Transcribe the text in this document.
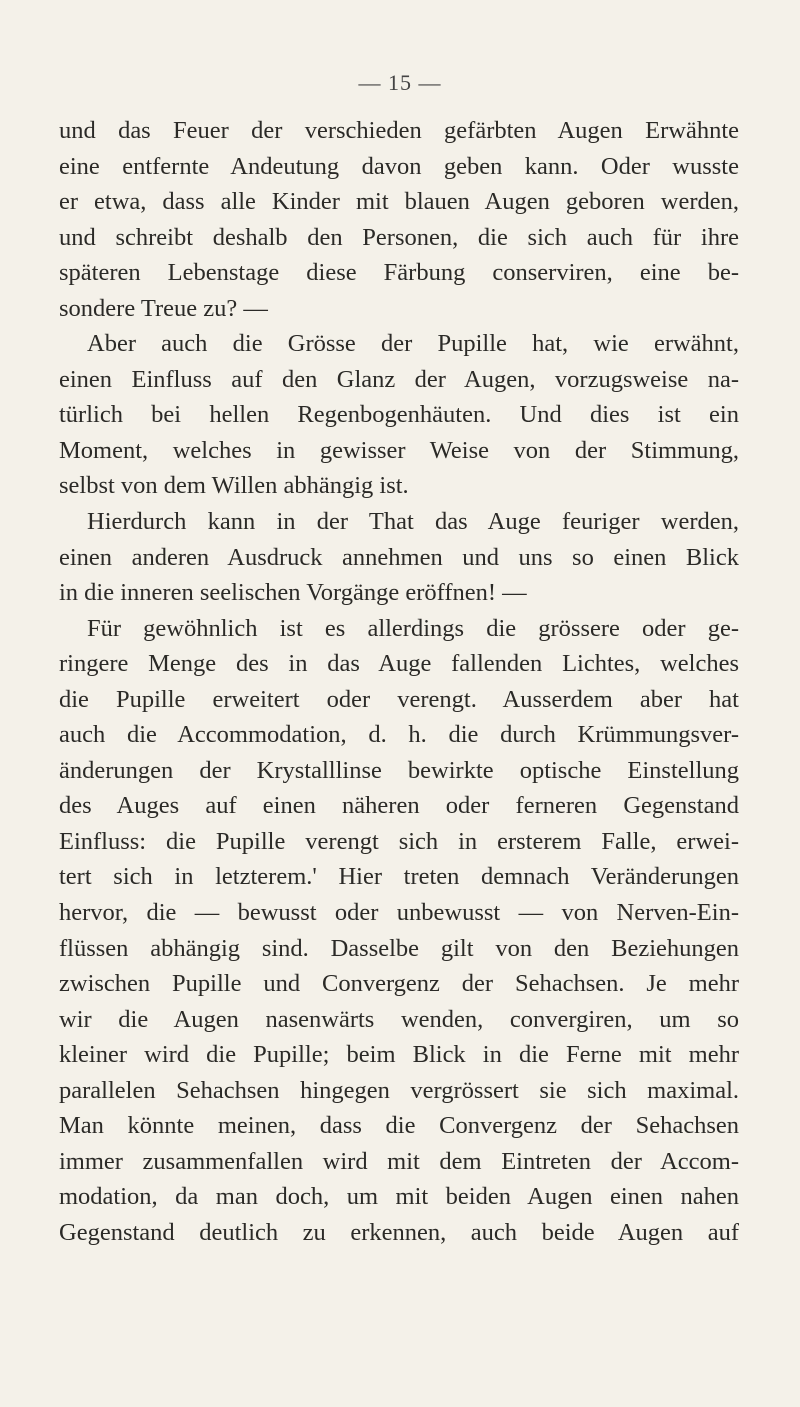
— 15 —
und das Feuer der verschieden gefärbten Augen Erwähnte
eine entfernte Andeutung davon geben kann. Oder wusste
er etwa, dass alle Kinder mit blauen Augen geboren werden,
und schreibt deshalb den Personen, die sich auch für ihre
späteren Lebenstage diese Färbung conserviren, eine be-
sondere Treue zu? —
Aber auch die Grösse der Pupille hat, wie erwähnt,
einen Einfluss auf den Glanz der Augen, vorzugsweise na-
türlich bei hellen Regenbogenhäuten. Und dies ist ein
Moment, welches in gewisser Weise von der Stimmung,
selbst von dem Willen abhängig ist.
Hierdurch kann in der That das Auge feuriger werden,
einen anderen Ausdruck annehmen und uns so einen Blick
in die inneren seelischen Vorgänge eröffnen! —
Für gewöhnlich ist es allerdings die grössere oder ge-
ringere Menge des in das Auge fallenden Lichtes, welches
die Pupille erweitert oder verengt. Ausserdem aber hat
auch die Accommodation, d. h. die durch Krümmungsver-
änderungen der Krystalllinse bewirkte optische Einstellung
des Auges auf einen näheren oder ferneren Gegenstand
Einfluss: die Pupille verengt sich in ersterem Falle, erwei-
tert sich in letzterem.' Hier treten demnach Veränderungen
hervor, die — bewusst oder unbewusst — von Nerven-Ein-
flüssen abhängig sind. Dasselbe gilt von den Beziehungen
zwischen Pupille und Convergenz der Sehachsen. Je mehr
wir die Augen nasenwärts wenden, convergiren, um so
kleiner wird die Pupille; beim Blick in die Ferne mit mehr
parallelen Sehachsen hingegen vergrössert sie sich maximal.
Man könnte meinen, dass die Convergenz der Sehachsen
immer zusammenfallen wird mit dem Eintreten der Accom-
modation, da man doch, um mit beiden Augen einen nahen
Gegenstand deutlich zu erkennen, auch beide Augen auf
